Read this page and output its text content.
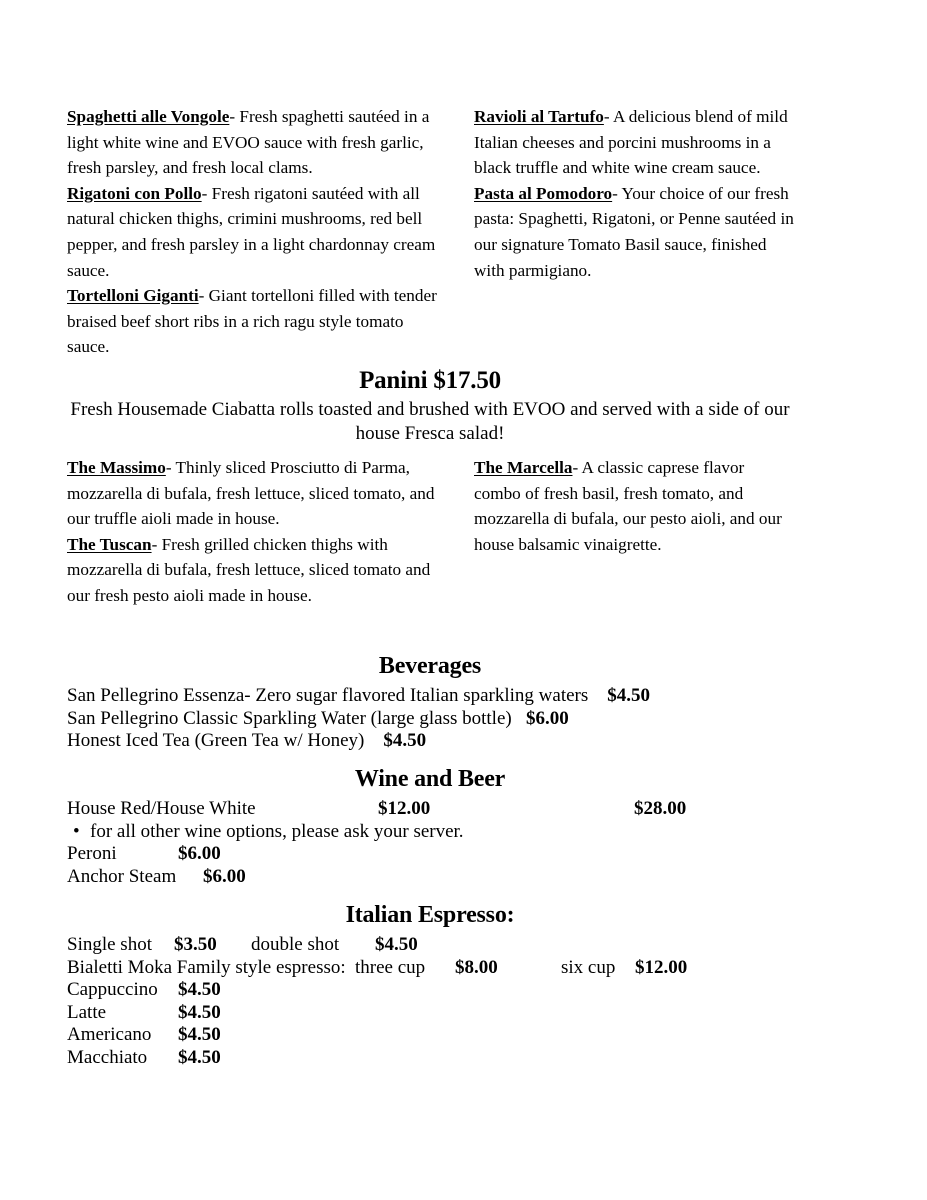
Spaghetti alle Vongole- Fresh spaghetti sautéed in a light white wine and EVOO sauce with fresh garlic, fresh parsley, and fresh local clams.

Rigatoni con Pollo- Fresh rigatoni sautéed with all natural chicken thighs, crimini mushrooms, red bell pepper, and fresh parsley in a light chardonnay cream sauce.

Tortelloni Giganti- Giant tortelloni filled with tender braised beef short ribs in a rich ragu style tomato sauce.

Ravioli al Tartufo- A delicious blend of mild Italian cheeses and porcini mushrooms in a black truffle and white wine cream sauce.

Pasta al Pomodoro- Your choice of our fresh pasta: Spaghetti, Rigatoni, or Penne sautéed in our signature Tomato Basil sauce, finished with parmigiano.

Panini $17.50
Fresh Housemade Ciabatta rolls toasted and brushed with EVOO and served with a side of our house Fresca salad!

The Massimo- Thinly sliced Prosciutto di Parma, mozzarella di bufala, fresh lettuce, sliced tomato, and our truffle aioli made in house.

The Tuscan- Fresh grilled chicken thighs with mozzarella di bufala, fresh lettuce, sliced tomato and our fresh pesto aioli made in house.

The Marcella- A classic caprese flavor combo of fresh basil, fresh tomato, and mozzarella di bufala, our pesto aioli, and our house balsamic vinaigrette.

Beverages
San Pellegrino Essenza- Zero sugar flavored Italian sparkling waters $4.50
San Pellegrino Classic Sparkling Water (large glass bottle) $6.00
Honest Iced Tea (Green Tea w/ Honey) $4.50
Wine and Beer
House Red/House White	$12.00	$28.00
• for all other wine options, please ask your server.
Peroni	$6.00
Anchor Steam $6.00
Italian Espresso:
Single shot $3.50 double shot $4.50
Bialetti Moka Family style espresso: three cup $8.00	six cup $12.00
Cappuccino $4.50
Latte	$4.50
Americano $4.50
Macchiato $4.50
